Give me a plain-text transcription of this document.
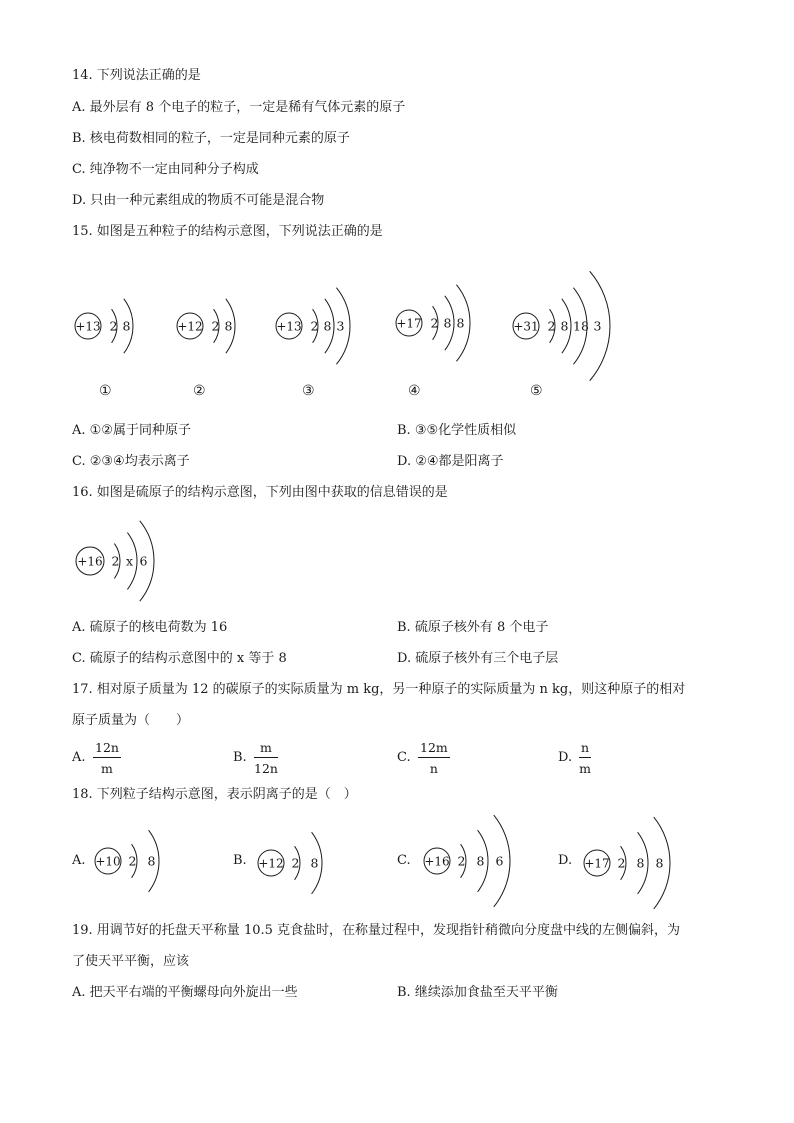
14. 下列说法正确的是
A. 最外层有 8 个电子的粒子，一定是稀有气体元素的原子
B. 核电荷数相同的粒子，一定是同种元素的原子
C. 纯净物不一定由同种分子构成
D. 只由一种元素组成的物质不可能是混合物
15. 如图是五种粒子的结构示意图，下列说法正确的是
+13 2 8	+12 2 8	+13 2 8 3	+17 2 8 8	+31 2 8 18 3
①	②	③	④	⑤
A. ①②属于同种原子	B. ③⑤化学性质相似
C. ②③④均表示离子	D. ②④都是阳离子
16. 如图是硫原子的结构示意图，下列由图中获取的信息错误的是
+16 2 x 6
A. 硫原子的核电荷数为 16	B. 硫原子核外有 8 个电子
C. 硫原子的结构示意图中的 x 等于 8	D. 硫原子核外有三个电子层
17. 相对原子质量为 12 的碳原子的实际质量为 m kg，另一种原子的实际质量为 n kg，则这种原子的相对
原子质量为（　　）
A. $\frac{12n}{m}$	B. $\frac{m}{12n}$	C. $\frac{12m}{n}$	D. $\frac{n}{m}$
18. 下列粒子结构示意图，表示阴离子的是（　）
A.	B.	C.	D.
+10 2 8	+12 2 8	+16 2 8 6	+17 2 8 8
19. 用调节好的托盘天平称量 10.5 克食盐时，在称量过程中，发现指针稍微向分度盘中线的左侧偏斜，为
了使天平平衡，应该
A. 把天平右端的平衡螺母向外旋出一些	B. 继续添加食盐至天平平衡
